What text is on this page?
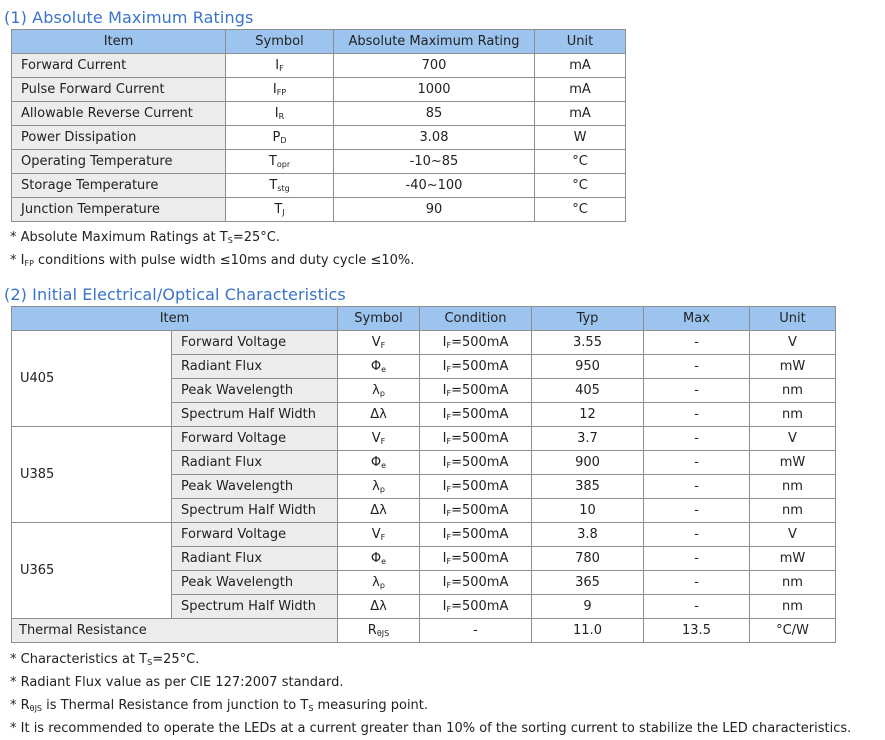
(1) Absolute Maximum Ratings
Item	Symbol	Absolute Maximum Rating	Unit
Forward Current	$I_F$	700	mA
Pulse Forward Current	$I_{FP}$	1000	mA
Allowable Reverse Current	$I_R$	85	mA
Power Dissipation	$P_D$	3.08	W
Operating Temperature	$T_{opr}$	-10~85	°C
Storage Temperature	$T_{stg}$	-40~100	°C
Junction Temperature	$T_J$	90	°C
* Absolute Maximum Ratings at $T_S=25^\circ C$.
* $I_{FP}$ conditions with pulse width ≤10ms and duty cycle ≤10%.
(2) Initial Electrical/Optical Characteristics
Item		Symbol	Condition	Typ	Max	Unit
U405	Forward Voltage	$V_F$	$I_F=500mA$	3.55	-	V
	Radiant Flux	$\Phi_e$	$I_F=500mA$	950	-	mW
	Peak Wavelength	$\lambda_p$	$I_F=500mA$	405	-	nm
	Spectrum Half Width	Δλ	$I_F=500mA$	12	-	nm
U385	Forward Voltage	$V_F$	$I_F=500mA$	3.7	-	V
	Radiant Flux	$\Phi_e$	$I_F=500mA$	900	-	mW
	Peak Wavelength	$\lambda_p$	$I_F=500mA$	385	-	nm
	Spectrum Half Width	Δλ	$I_F=500mA$	10	-	nm
U365	Forward Voltage	$V_F$	$I_F=500mA$	3.8	-	V
	Radiant Flux	$\Phi_e$	$I_F=500mA$	780	-	mW
	Peak Wavelength	$\lambda_p$	$I_F=500mA$	365	-	nm
	Spectrum Half Width	Δλ	$I_F=500mA$	9	-	nm
Thermal Resistance		$R_{\theta JS}$	-	11.0	13.5	°C/W
* Characteristics at $T_S=25^\circ C$.
* Radiant Flux value as per CIE 127:2007 standard.
* $R_{\theta JS}$ is Thermal Resistance from junction to $T_S$ measuring point.
* It is recommended to operate the LEDs at a current greater than 10% of the sorting current to stabilize the LED characteristics.
